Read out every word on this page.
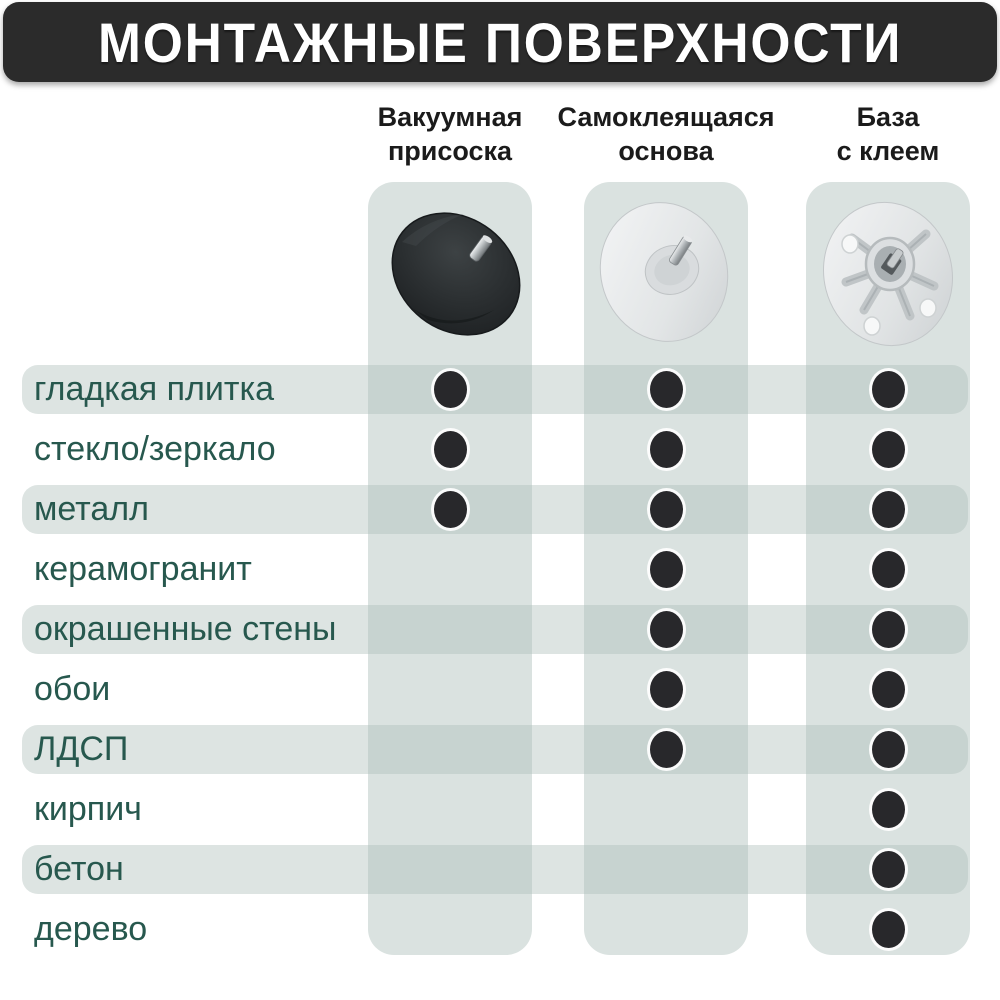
МОНТАЖНЫЕ ПОВЕРХНОСТИ
Вакуумная
присоска
Самоклеящаяся
основа
База
с клеем
гладкая плитка
стекло/зеркало
металл
керамогранит
окрашенные стены
обои
ЛДСП
кирпич
бетон
дерево
